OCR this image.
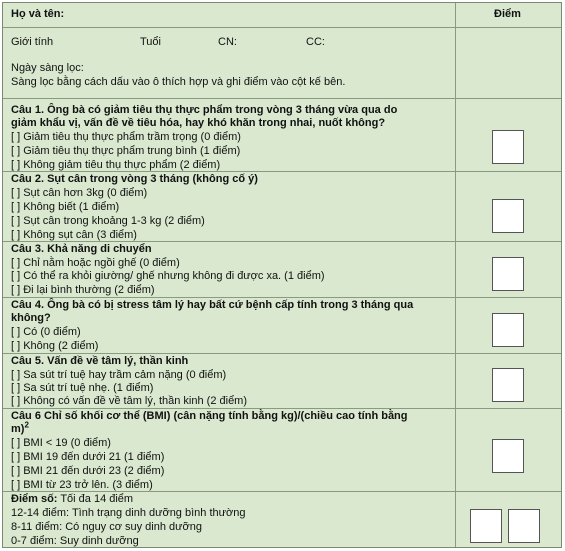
Họ và tên:	Điểm
Giới tính	Tuổi	CN:	CC:
Ngày sàng lọc:
Sàng lọc bằng cách dấu vào ô thích hợp và ghi điểm vào cột kế bên.
Câu 1. Ông bà có giảm tiêu thụ thực phẩm trong vòng 3 tháng vừa qua do
giảm khẩu vị, vấn đề về tiêu hóa, hay khó khăn trong nhai, nuốt không?
[ ] Giảm tiêu thụ thực phẩm trầm trọng (0 điểm)
[ ] Giảm tiêu thụ thực phẩm trung bình (1 điểm)
[ ] Không giảm tiêu thụ thực phẩm (2 điểm)
Câu 2. Sụt cân trong vòng 3 tháng (không cố ý)
[ ] Sụt cân hơn 3kg (0 điểm)
[ ] Không biết (1 điểm)
[ ] Sụt cân trong khoảng 1-3 kg (2 điểm)
[ ] Không sụt cân (3 điểm)
Câu 3. Khả năng di chuyển
[ ] Chỉ nằm hoặc ngồi ghế (0 điểm)
[ ] Có thể ra khỏi giường/ ghế nhưng không đi được xa. (1 điểm)
[ ] Đi lại bình thường (2 điểm)
Câu 4. Ông bà có bị stress tâm lý hay bất cứ bệnh cấp tính trong 3 tháng qua
không?
[ ] Có (0 điểm)
[ ] Không (2 điểm)
Câu 5. Vấn đề về tâm lý, thần kinh
[ ] Sa sút trí tuệ hay trầm cảm nặng (0 điểm)
[ ] Sa sút trí tuệ nhẹ. (1 điểm)
[ ] Không có vấn đề về tâm lý, thần kinh (2 điểm)
Câu 6 Chỉ số khối cơ thể (BMI) (cân nặng tính bằng kg)/(chiều cao tính bằng
m)$^2$
[ ] BMI < 19 (0 điểm)
[ ] BMI 19 đến dưới 21 (1 điểm)
[ ] BMI 21 đến dưới 23 (2 điểm)
[ ] BMI từ 23 trở lên. (3 điểm)
Điểm số: Tối đa 14 điểm
12-14 điểm: Tình trạng dinh dưỡng bình thường
8-11 điểm: Có nguy cơ suy dinh dưỡng
0-7 điểm: Suy dinh dưỡng
